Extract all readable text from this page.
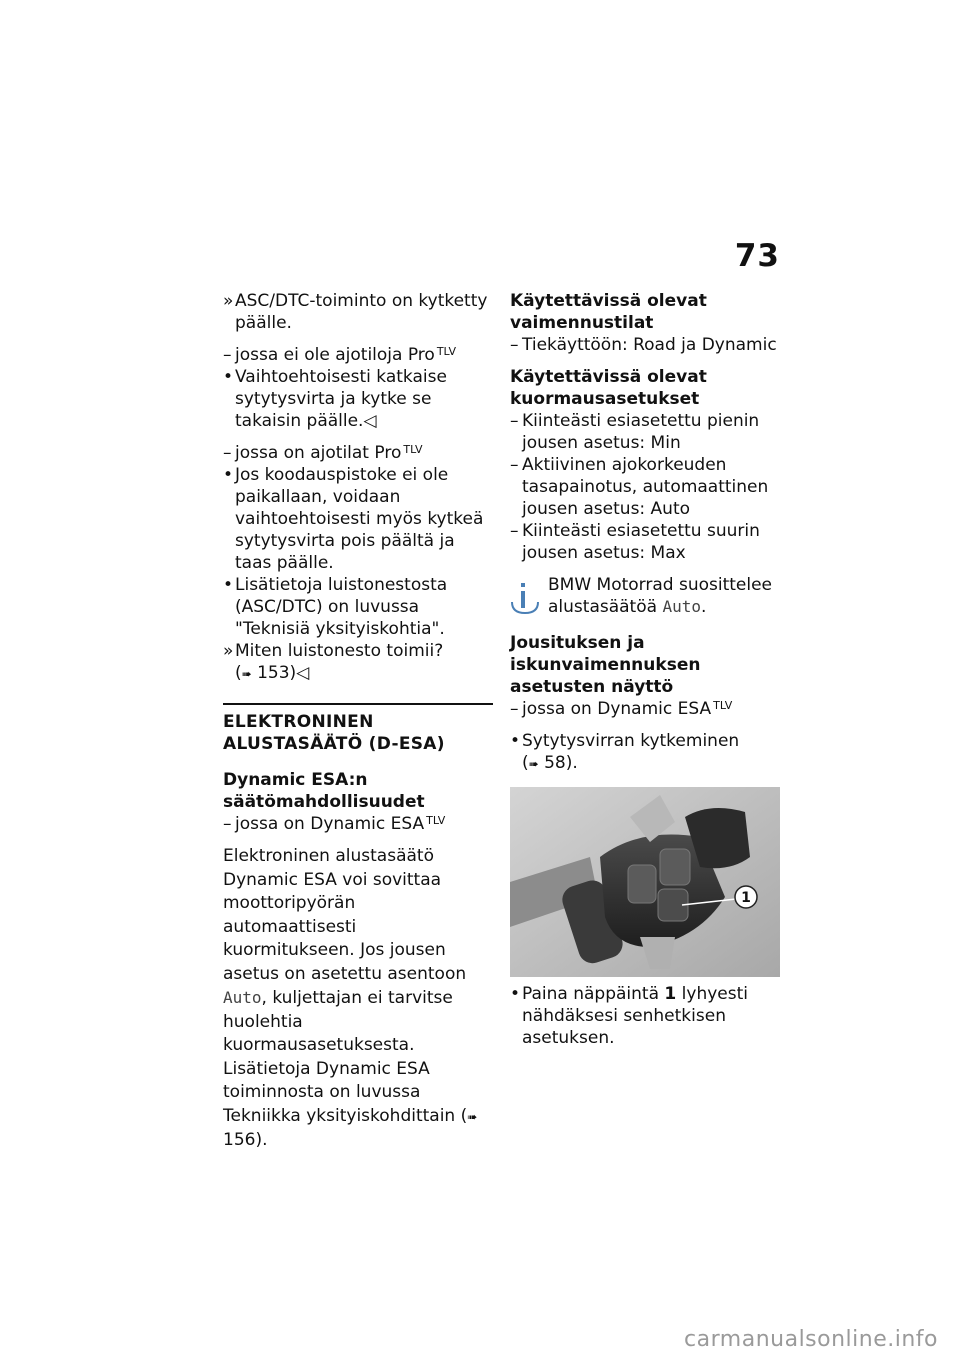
73
» ASC/DTC-toiminto on kytketty päälle.
– jossa ei ole ajotiloja Pro $^{TLV}$
• Vaihtoehtoisesti katkaise sytytysvirta ja kytke se takaisin päälle.◁
– jossa on ajotilat Pro $^{TLV}$
• Jos koodauspistoke ei ole paikallaan, voidaan vaihtoehtoisesti myös kytkeä sytytysvirta pois päältä ja taas päälle.
• Lisätietoja luistonestosta (ASC/DTC) on luvussa "Teknisiä yksityiskohtia".
» Miten luistonesto toimii?
(➠ 153)◁

ELEKTRONINEN ALUSTASÄÄTÖ (D-ESA)

Dynamic ESA:n säätömahdollisuudet

– jossa on Dynamic ESA $^{TLV}$

Elektroninen alustasäätö Dynamic ESA voi sovittaa moottoripyörän automaattisesti kuormitukseen. Jos jousen asetus on asetettu asentoon Auto, kuljettajan ei tarvitse huolehtia kuormausasetuksesta. Lisätietoja Dynamic ESA toiminnosta on luvussa Tekniikka yksityiskohdittain (➠ 156).

Käytettävissä olevat vaimennustilat

– Tiekäyttöön: Road ja Dynamic

Käytettävissä olevat kuormausasetukset

– Kiinteästi esiasetettu pienin jousen asetus: Min
– Aktiivinen ajokorkeuden tasapainotus, automaattinen jousen asetus: Auto
– Kiinteästi esiasetettu suurin jousen asetus: Max

BMW Motorrad suosittelee alustasäätöä Auto.

Jousituksen ja iskunvaimennuksen asetusten näyttö

– jossa on Dynamic ESA $^{TLV}$
• Sytytysvirran kytkeminen
(➠ 58).
1
• Paina näppäintä 1 lyhyesti nähdäksesi senhetkisen asetuksen.
carmanualsonline.info
